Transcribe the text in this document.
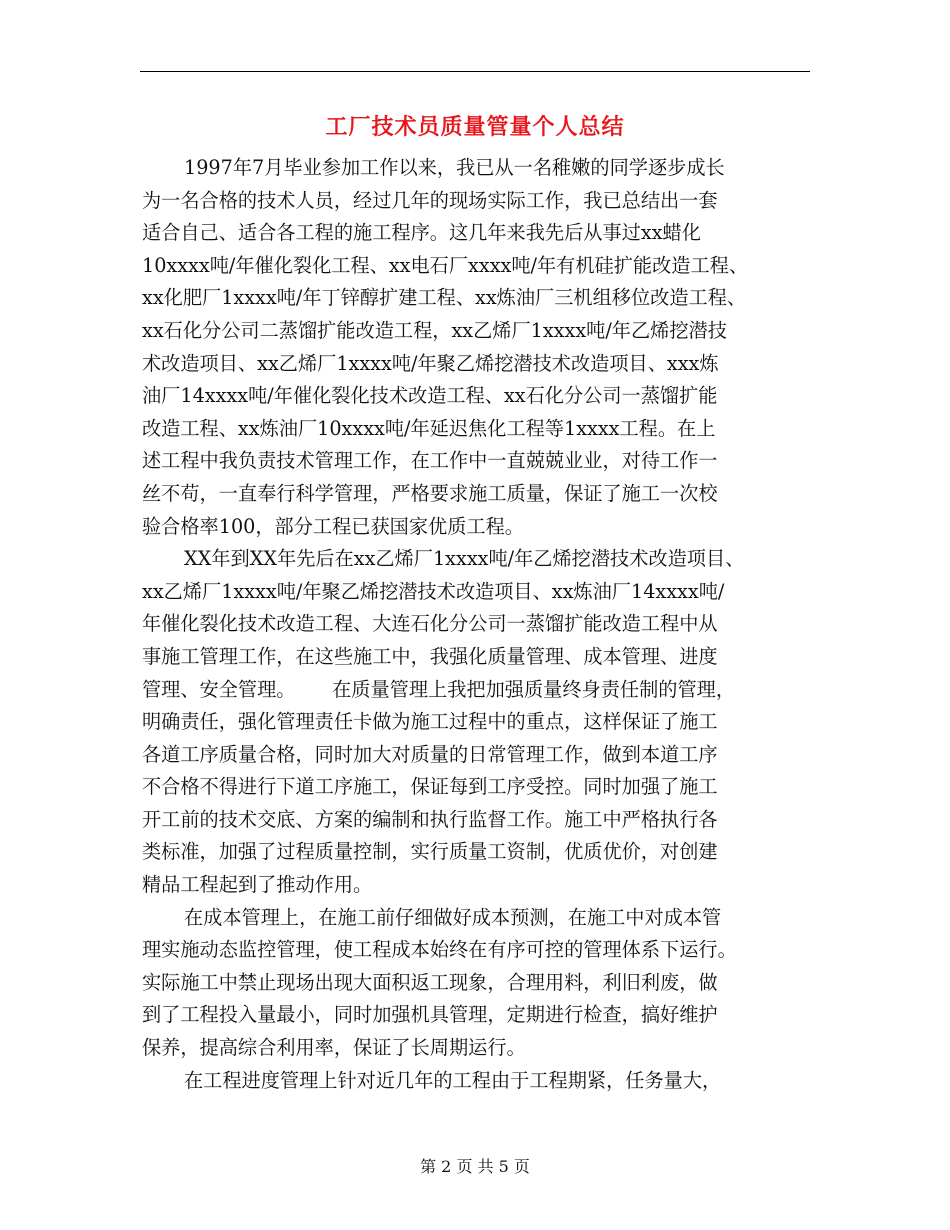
工厂技术员质量管量个人总结
1997年7月毕业参加工作以来，我已从一名稚嫩的同学逐步成长
为一名合格的技术人员，经过几年的现场实际工作，我已总结出一套
适合自己、适合各工程的施工程序。这几年来我先后从事过xx蜡化
10xxxx吨/年催化裂化工程、xx电石厂xxxx吨/年有机硅扩能改造工程、
xx化肥厂1xxxx吨/年丁锌醇扩建工程、xx炼油厂三机组移位改造工程、
xx石化分公司二蒸馏扩能改造工程，xx乙烯厂1xxxx吨/年乙烯挖潜技
术改造项目、xx乙烯厂1xxxx吨/年聚乙烯挖潜技术改造项目、xxx炼
油厂14xxxx吨/年催化裂化技术改造工程、xx石化分公司一蒸馏扩能
改造工程、xx炼油厂10xxxx吨/年延迟焦化工程等1xxxx工程。在上
述工程中我负责技术管理工作，在工作中一直兢兢业业，对待工作一
丝不苟，一直奉行科学管理，严格要求施工质量，保证了施工一次校
验合格率100，部分工程已获国家优质工程。
XX年到XX年先后在xx乙烯厂1xxxx吨/年乙烯挖潜技术改造项目、
xx乙烯厂1xxxx吨/年聚乙烯挖潜技术改造项目、xx炼油厂14xxxx吨/
年催化裂化技术改造工程、大连石化分公司一蒸馏扩能改造工程中从
事施工管理工作，在这些施工中，我强化质量管理、成本管理、进度
管理、安全管理。      在质量管理上我把加强质量终身责任制的管理，
明确责任，强化管理责任卡做为施工过程中的重点，这样保证了施工
各道工序质量合格，同时加大对质量的日常管理工作，做到本道工序
不合格不得进行下道工序施工，保证每到工序受控。同时加强了施工
开工前的技术交底、方案的编制和执行监督工作。施工中严格执行各
类标准，加强了过程质量控制，实行质量工资制，优质优价，对创建
精品工程起到了推动作用。
在成本管理上，在施工前仔细做好成本预测，在施工中对成本管
理实施动态监控管理，使工程成本始终在有序可控的管理体系下运行。
实际施工中禁止现场出现大面积返工现象，合理用料，利旧利废，做
到了工程投入量最小，同时加强机具管理，定期进行检查，搞好维护
保养，提高综合利用率，保证了长周期运行。
在工程进度管理上针对近几年的工程由于工程期紧，任务量大，
第 2 页 共 5 页
